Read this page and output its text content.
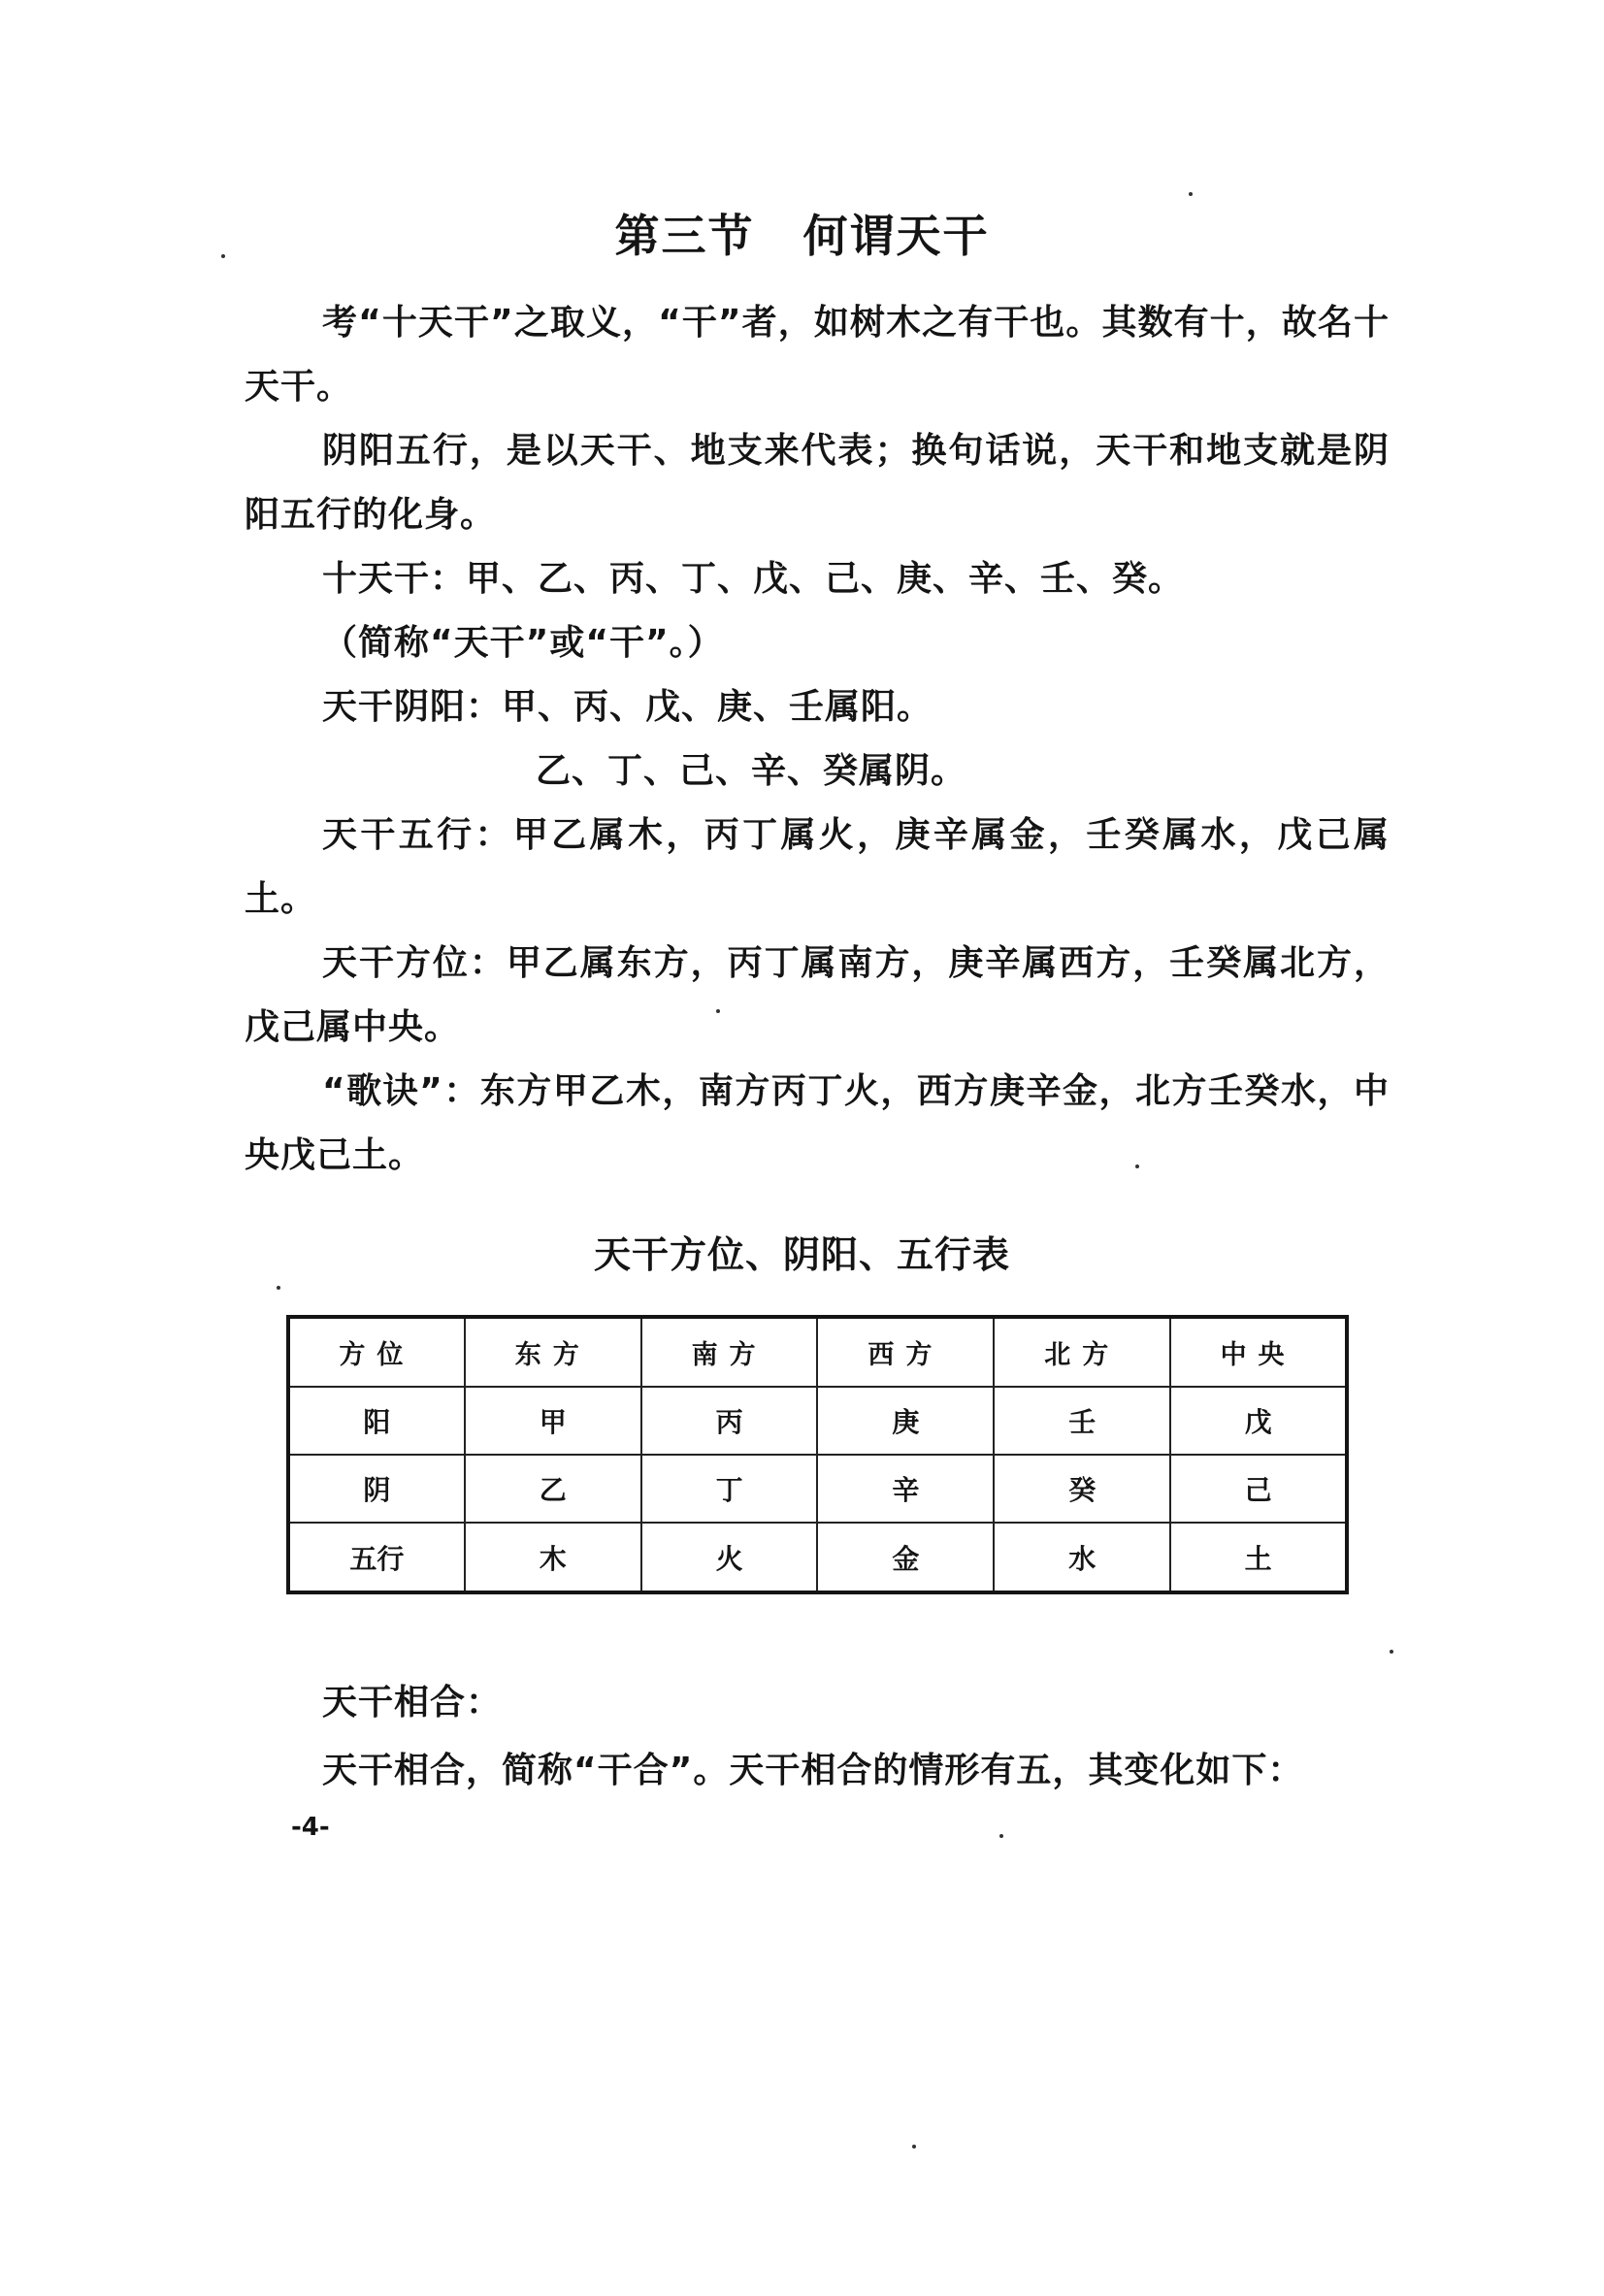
第三节 何谓天干

考“十天干”之取义，“干”者，如树木之有干也。其数有十，故名十天干。

阴阳五行，是以天干、地支来代表；换句话说，天干和地支就是阴阳五行的化身。

十天干：甲、乙、丙、丁、戊、己、庚、辛、壬、癸。

（简称“天干”或“干”。）

天干阴阳：甲、丙、戊、庚、壬属阳。

乙、丁、己、辛、癸属阴。

天干五行：甲乙属木，丙丁属火，庚辛属金，壬癸属水，戊己属土。

天干方位：甲乙属东方，丙丁属南方，庚辛属西方，壬癸属北方，戊己属中央。

“歌诀”：东方甲乙木，南方丙丁火，西方庚辛金，北方壬癸水，中央戊己土。

天干方位、阴阳、五行表
方位	东方	南方	西方	北方	中央
阳	甲	丙	庚	壬	戊
阴	乙	丁	辛	癸	己
五行	木	火	金	水	土

天干相合：

天干相合，简称“干合”。天干相合的情形有五，其变化如下：

-4-
